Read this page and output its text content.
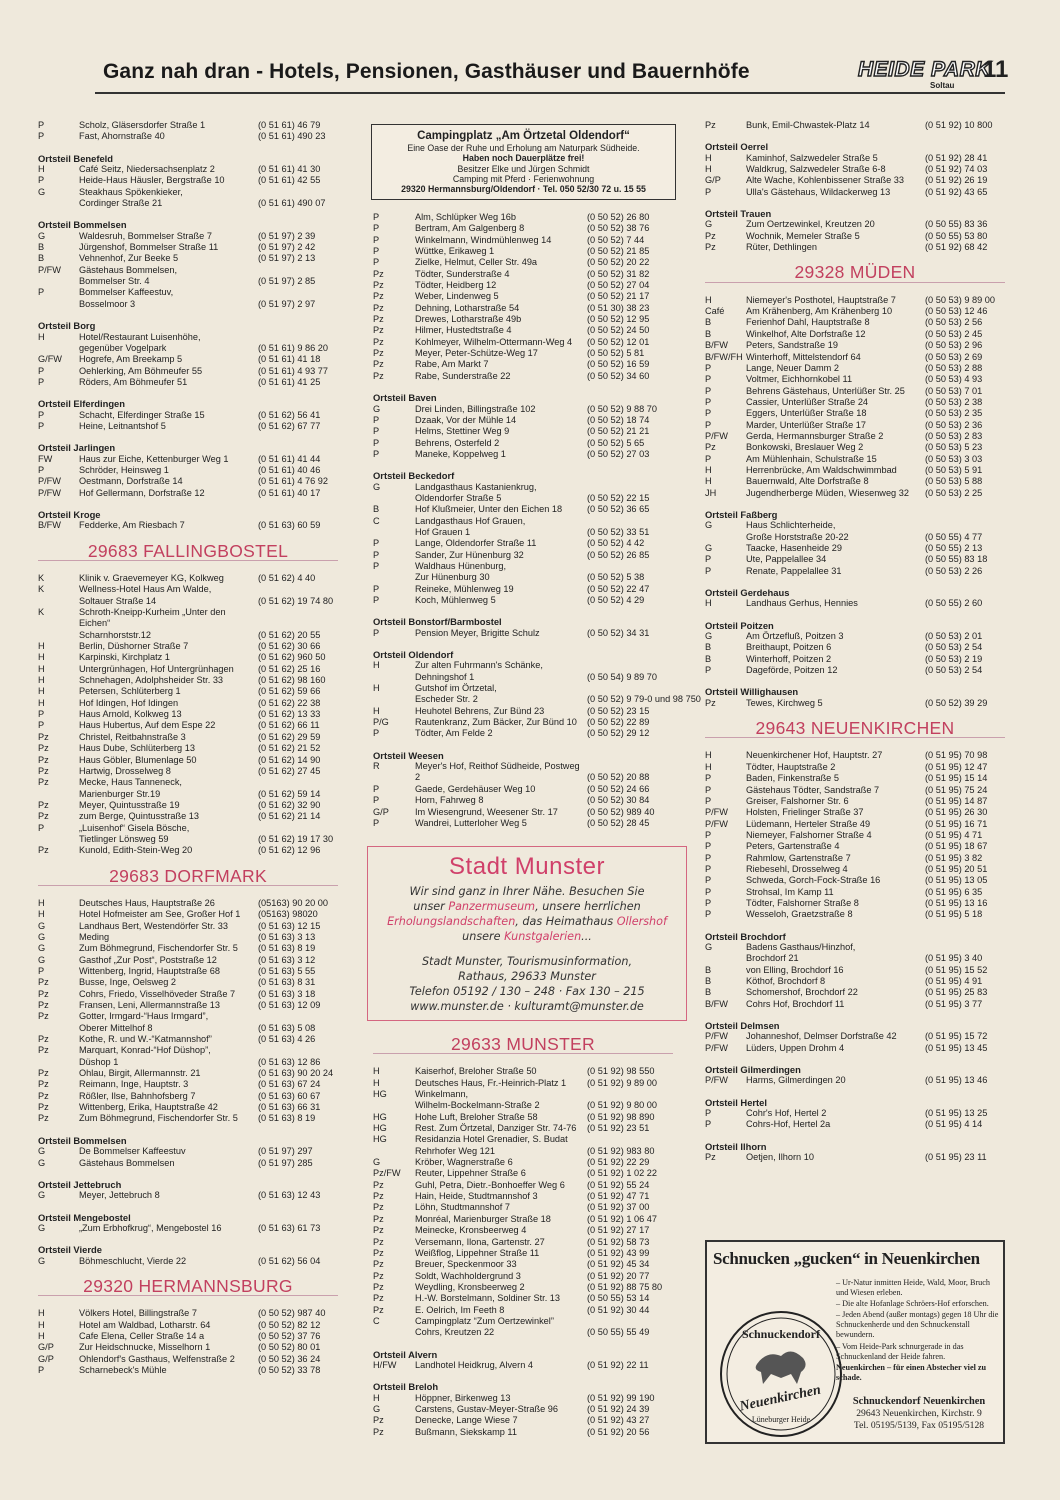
Ganz nah dran - Hotels, Pensionen, Gasthäuser und Bauernhöfe	HEIDE PARK
Soltau
11
P	Scholz, Gläsersdorfer Straße 1	(0 51 61) 46 79
P	Fast, Ahornstraße 40	(0 51 61) 490 23
Ortsteil Benefeld
H	Café Seitz, Niedersachsenplatz 2	(0 51 61) 41 30
P	Heide-Haus Häusler, Bergstraße 10	(0 51 61) 42 55
G	Steakhaus Spökenkieker,
Cordinger Straße 21	(0 51 61) 490 07
Ortsteil Bommelsen
G	Waldesruh, Bommelser Straße 7	(0 51 97) 2 39
B	Jürgenshof, Bommelser Straße 11	(0 51 97) 2 42
B	Vehnenhof, Zur Beeke 5	(0 51 97) 2 13
P/FW	Gästehaus Bommelsen,
Bommelser Str. 4	(0 51 97) 2 85
P	Bommelser Kaffeestuv,
Bosselmoor 3	(0 51 97) 2 97
Ortsteil Borg
H	Hotel/Restaurant Luisenhöhe,
gegenüber Vogelpark	(0 51 61) 9 86 20
G/FW	Hogrefe, Am Breekamp 5	(0 51 61) 41 18
P	Oehlerking, Am Böhmeufer 55	(0 51 61) 4 93 77
P	Röders, Am Böhmeufer 51	(0 51 61) 41 25
Ortsteil Elferdingen
P	Schacht, Elferdinger Straße 15	(0 51 62) 56 41
P	Heine, Leitnantshof 5	(0 51 62) 67 77
Ortsteil Jarlingen
FW	Haus zur Eiche, Kettenburger Weg 1	(0 51 61) 41 44
P	Schröder, Heinsweg 1	(0 51 61) 40 46
P/FW	Oestmann, Dorfstraße 14	(0 51 61) 4 76 92
P/FW	Hof Gellermann, Dorfstraße 12	(0 51 61) 40 17
Ortsteil Kroge
B/FW	Fedderke, Am Riesbach 7	(0 51 63) 60 59
29683 FALLINGBOSTEL
K	Klinik v. Graevemeyer KG, Kolkweg	(0 51 62) 4 40
K	Wellness-Hotel Haus Am Walde,
Soltauer Straße 14	(0 51 62) 19 74 80
K	Schroth-Kneipp-Kurheim „Unter den Eichen“
Scharnhorststr.12	(0 51 62) 20 55
H	Berlin, Düshorner Straße 7	(0 51 62) 30 66
H	Karpinski, Kirchplatz 1	(0 51 62) 960 50
H	Untergrünhagen, Hof Untergrünhagen	(0 51 62) 25 16
H	Schnehagen, Adolphsheider Str. 33	(0 51 62) 98 160
H	Petersen, Schlüterberg 1	(0 51 62) 59 66
H	Hof Idingen, Hof Idingen	(0 51 62) 22 38
P	Haus Arnold, Kolkweg 13	(0 51 62) 13 33
P	Haus Hubertus, Auf dem Espe 22	(0 51 62) 66 11
Pz	Christel, Reitbahnstraße 3	(0 51 62) 29 59
Pz	Haus Dube, Schlüterberg 13	(0 51 62) 21 52
Pz	Haus Göbler, Blumenlage 50	(0 51 62) 14 90
Pz	Hartwig, Drosselweg 8	(0 51 62) 27 45
Pz	Mecke, Haus Tanneneck,
Marienburger Str.19	(0 51 62) 59 14
Pz	Meyer, Quintusstraße 19	(0 51 62) 32 90
Pz	zum Berge, Quintusstraße 13	(0 51 62) 21 14
P	„Luisenhof“ Gisela Bösche,
Tietlinger Lönsweg 59	(0 51 62) 19 17 30
Pz	Kunold, Edith-Stein-Weg 20	(0 51 62) 12 96
29683 DORFMARK
H	Deutsches Haus, Hauptstraße 26	(05163) 90 20 00
H	Hotel Hofmeister am See, Großer Hof 1	(05163) 98020
G	Landhaus Bert, Westendörfer Str. 33	(0 51 63) 12 15
G	Meding	(0 51 63) 3 13
G	Zum Böhmegrund, Fischendorfer Str. 5	(0 51 63) 8 19
G	Gasthof „Zur Post“, Poststraße 12	(0 51 63) 3 12
P	Wittenberg, Ingrid, Hauptstraße 68	(0 51 63) 5 55
Pz	Busse, Inge, Oelsweg 2	(0 51 63) 8 31
Pz	Cohrs, Friedo, Visselhöveder Straße 7	(0 51 63) 3 18
Pz	Fransen, Leni, Allermannstraße 13	(0 51 63) 12 09
Pz	Gotter, Irmgard-“Haus Irmgard”,
Oberer Mittelhof 8	(0 51 63) 5 08
Pz	Kothe, R. und W.-“Katmannshof”	(0 51 63) 4 26
Pz	Marquart, Konrad-“Hof Düshop”,
Düshop 1	(0 51 63) 12 86
Pz	Ohlau, Birgit, Allermannstr. 21	(0 51 63) 90 20 24
Pz	Reimann, Inge, Hauptstr. 3	(0 51 63) 67 24
Pz	Rößler, Ilse, Bahnhofsberg 7	(0 51 63) 60 67
Pz	Wittenberg, Erika, Hauptstraße 42	(0 51 63) 66 31
Pz	Zum Böhmegrund, Fischendorfer Str. 5	(0 51 63) 8 19
Ortsteil Bommelsen
G	De Bommelser Kaffeestuv	(0 51 97) 297
G	Gästehaus Bommelsen	(0 51 97) 285
Ortsteil Jettebruch
G	Meyer, Jettebruch 8	(0 51 63) 12 43
Ortsteil Mengebostel
G	„Zum Erbhofkrug“, Mengebostel 16	(0 51 63) 61 73
Ortsteil Vierde
G	Böhmeschlucht, Vierde 22	(0 51 62) 56 04
29320 HERMANNSBURG
H	Völkers Hotel, Billingstraße 7	(0 50 52) 987 40
H	Hotel am Waldbad, Lotharstr. 64	(0 50 52) 82 12
H	Cafe Elena, Celler Straße 14 a	(0 50 52) 37 76
G/P	Zur Heidschnucke, Misselhorn 1	(0 50 52) 80 01
G/P	Ohlendorf's Gasthaus, Welfenstraße 2	(0 50 52) 36 24
P	Scharnebeck's Mühle	(0 50 52) 33 78
P	Alm, Schlüpker Weg 16b	(0 50 52) 26 80
P	Bertram, Am Galgenberg 8	(0 50 52) 38 76
P	Winkelmann, Windmühlenweg 14	(0 50 52) 7 44
P	Wüttke, Erikaweg 1	(0 50 52) 21 85
P	Zielke, Helmut, Celler Str. 49a	(0 50 52) 20 22
Pz	Tödter, Sunderstraße 4	(0 50 52) 31 82
Pz	Tödter, Heidberg 12	(0 50 52) 27 04
Pz	Weber, Lindenweg 5	(0 50 52) 21 17
Pz	Dehning, Lotharstraße 54	(0 51 30) 38 23
Pz	Drewes, Lotharstraße 49b	(0 50 52) 12 95
Pz	Hilmer, Hustedtstraße 4	(0 50 52) 24 50
Pz	Kohlmeyer, Wilhelm-Ottermann-Weg 4	(0 50 52) 12 01
Pz	Meyer, Peter-Schütze-Weg 17	(0 50 52) 5 81
Pz	Rabe, Am Markt 7	(0 50 52) 16 59
Pz	Rabe, Sunderstraße 22	(0 50 52) 34 60
Ortsteil Baven
G	Drei Linden, Billingstraße 102	(0 50 52) 9 88 70
P	Dzaak, Vor der Mühle 14	(0 50 52) 18 74
P	Helms, Stettiner Weg 9	(0 50 52) 21 21
P	Behrens, Osterfeld 2	(0 50 52) 5 65
P	Maneke, Koppelweg 1	(0 50 52) 27 03
Ortsteil Beckedorf
G	Landgasthaus Kastanienkrug,
Oldendorfer Straße 5	(0 50 52) 22 15
B	Hof Klußmeier, Unter den Eichen 18	(0 50 52) 36 65
C	Landgasthaus Hof Grauen,
Hof Grauen 1	(0 50 52) 33 51
P	Lange, Oldendorfer Straße 11	(0 50 52) 4 42
P	Sander, Zur Hünenburg 32	(0 50 52) 26 85
P	Waldhaus Hünenburg,
Zur Hünenburg 30	(0 50 52) 5 38
P	Reineke, Mühlenweg 19	(0 50 52) 22 47
P	Koch, Mühlenweg 5	(0 50 52) 4 29
Ortsteil Bonstorf/Barmbostel
P	Pension Meyer, Brigitte Schulz	(0 50 52) 34 31
Ortsteil Oldendorf
H	Zur alten Fuhrmann's Schänke,
Dehningshof 1	(0 50 54) 9 89 70
H	Gutshof im Örtzetal,
Escheder Str. 2	(0 50 52) 9 79-0 und 98 750
H	Heuhotel Behrens, Zur Bünd 23	(0 50 52) 23 15
P/G	Rautenkranz, Zum Bäcker, Zur Bünd 10	(0 50 52) 22 89
P	Tödter, Am Felde 2	(0 50 52) 29 12
Ortsteil Weesen
R	Meyer's Hof, Reithof Südheide, Postweg 2	(0 50 52) 20 88
P	Gaede, Gerdehäuser Weg 10	(0 50 52) 24 66
P	Horn, Fahrweg 8	(0 50 52) 30 84
G/P	Im Wiesengrund, Weesener Str. 17	(0 50 52) 989 40
P	Wandrei, Lutterloher Weg 5	(0 50 52) 28 45
29633 MUNSTER
H	Kaiserhof, Breloher Straße 50	(0 51 92) 98 550
H	Deutsches Haus, Fr.-Heinrich-Platz 1	(0 51 92) 9 89 00
HG	Winkelmann,
Wilhelm-Bockelmann-Straße 2	(0 51 92) 9 80 00
HG	Hohe Luft, Breloher Straße 58	(0 51 92) 98 890
HG	Rest. Zum Örtzetal, Danziger Str. 74-76	(0 51 92) 23 51
HG	Residanzia Hotel Grenadier, S. Budat
Rehrhofer Weg 121	(0 51 92) 983 80
G	Kröber, Wagnerstraße 6	(0 51 92) 22 29
Pz/FW	Reuter, Lippehner Straße 6	(0 51 92) 1 02 22
Pz	Guhl, Petra, Dietr.-Bonhoeffer Weg 6	(0 51 92) 55 24
Pz	Hain, Heide, Studtmannshof 3	(0 51 92) 47 71
Pz	Löhn, Studtmannshof 7	(0 51 92) 37 00
Pz	Monréal, Marienburger Straße 18	(0 51 92) 1 06 47
Pz	Meinecke, Kronsbeerweg 4	(0 51 92) 27 17
Pz	Versemann, Ilona, Gartenstr. 27	(0 51 92) 58 73
Pz	Weißflog, Lippehner Straße 11	(0 51 92) 43 99
Pz	Breuer, Speckenmoor 33	(0 51 92) 45 34
Pz	Soldt, Wachholdergrund 3	(0 51 92) 20 77
Pz	Weydling, Kronsbeerweg 2	(0 51 92) 88 75 80
Pz	H.-W. Borstelmann, Soldiner Str. 13	(0 50 55) 53 14
Pz	E. Oelrich, Im Feeth 8	(0 51 92) 30 44
C	Campingplatz “Zum Oertzewinkel”
Cohrs, Kreutzen 22	(0 50 55) 55 49
Ortsteil Alvern
H/FW	Landhotel Heidkrug, Alvern 4	(0 51 92) 22 11
Ortsteil Breloh
H	Höppner, Birkenweg 13	(0 51 92) 99 190
G	Carstens, Gustav-Meyer-Straße 96	(0 51 92) 24 39
Pz	Denecke, Lange Wiese 7	(0 51 92) 43 27
Pz	Bußmann, Siekskamp 11	(0 51 92) 20 56
Pz	Bunk, Emil-Chwastek-Platz 14	(0 51 92) 10 800
Ortsteil Oerrel
H	Kaminhof, Salzwedeler Straße 5	(0 51 92) 28 41
H	Waldkrug, Salzwedeler Straße 6-8	(0 51 92) 74 03
G/P	Alte Wache, Kohlenbissener Straße 33	(0 51 92) 26 19
P	Ulla's Gästehaus, Wildackerweg 13	(0 51 92) 43 65
Ortsteil Trauen
G	Zum Oertzewinkel, Kreutzen 20	(0 50 55) 83 36
Pz	Wochnik, Memeler Straße 5	(0 50 55) 53 80
Pz	Rüter, Dethlingen	(0 51 92) 68 42
29328 MÜDEN
H	Niemeyer's Posthotel, Hauptstraße 7	(0 50 53) 9 89 00
Café	Am Krähenberg, Am Krähenberg 10	(0 50 53) 12 46
B	Ferienhof Dahl, Hauptstraße 8	(0 50 53) 2 56
B	Winkelhof, Alte Dorfstraße 12	(0 50 53) 2 45
B/FW	Peters, Sandstraße 19	(0 50 53) 2 96
B/FW/FH Winterhoff, Mittelstendorf 64	(0 50 53) 2 69
P	Lange, Neuer Damm 2	(0 50 53) 2 88
P	Voltmer, Eichhornkobel 11	(0 50 53) 4 93
P	Behrens Gästehaus, Unterlüßer Str. 25	(0 50 53) 7 01
P	Cassier, Unterlüßer Straße 24	(0 50 53) 2 38
P	Eggers, Unterlüßer Straße 18	(0 50 53) 2 35
P	Marder, Unterlüßer Straße 17	(0 50 53) 2 36
P/FW	Gerda, Hermannsburger Straße 2	(0 50 53) 2 83
Pz	Bonkowski, Breslauer Weg 2	(0 50 53) 5 23
P	Am Mühlenhain, Schulstraße 15	(0 50 53) 3 03
H	Herrenbrücke, Am Waldschwimmbad	(0 50 53) 5 91
H	Bauernwald, Alte Dorfstraße 8	(0 50 53) 5 88
JH	Jugendherberge Müden, Wiesenweg 32	(0 50 53) 2 25
Ortsteil Faßberg
G	Haus Schlichterheide,
Große Horststraße 20-22	(0 50 55) 4 77
G	Taacke, Hasenheide 29	(0 50 55) 2 13
P	Ute, Pappelallee 34	(0 50 55) 83 18
P	Renate, Pappelallee 31	(0 50 53) 2 26
Ortsteil Gerdehaus
H	Landhaus Gerhus, Hennies	(0 50 55) 2 60
Ortsteil Poitzen
G	Am Örtzefluß, Poitzen 3	(0 50 53) 2 01
B	Breithaupt, Poitzen 6	(0 50 53) 2 54
B	Winterhoff, Poitzen 2	(0 50 53) 2 19
P	Dageförde, Poitzen 12	(0 50 53) 2 54
Ortsteil Willighausen
Pz	Tewes, Kirchweg 5	(0 50 52) 39 29
29643 NEUENKIRCHEN
H	Neuenkirchener Hof, Hauptstr. 27	(0 51 95) 70 98
H	Tödter, Hauptstraße 2	(0 51 95) 12 47
P	Baden, Finkenstraße 5	(0 51 95) 15 14
P	Gästehaus Tödter, Sandstraße 7	(0 51 95) 75 24
P	Greiser, Falshorner Str. 6	(0 51 95) 14 87
P/FW	Holsten, Frielinger Straße 37	(0 51 95) 26 30
P/FW	Lüdemann, Herteler Straße 49	(0 51 95) 16 71
P	Niemeyer, Falshorner Straße 4	(0 51 95) 4 71
P	Peters, Gartenstraße 4	(0 51 95) 18 67
P	Rahmlow, Gartenstraße 7	(0 51 95) 3 82
P	Riebesehl, Drosselweg 4	(0 51 95) 20 51
P	Schweda, Gorch-Fock-Straße 16	(0 51 95) 13 05
P	Strohsal, Im Kamp 11	(0 51 95) 6 35
P	Tödter, Falshorner Straße 8	(0 51 95) 13 16
P	Wesseloh, Graetzstraße 8	(0 51 95) 5 18
Ortsteil Brochdorf
G	Badens Gasthaus/Hinzhof,
Brochdorf 21	(0 51 95) 3 40
B	von Elling, Brochdorf 16	(0 51 95) 15 52
B	Köthof, Brochdorf 8	(0 51 95) 4 91
B	Schomershof, Brochdorf 22	(0 51 95) 25 83
B/FW	Cohrs Hof, Brochdorf 11	(0 51 95) 3 77
Ortsteil Delmsen
P/FW	Johanneshof, Delmser Dorfstraße 42	(0 51 95) 15 72
P/FW	Lüders, Uppen Drohm 4	(0 51 95) 13 45
Ortsteil Gilmerdingen
P/FW	Harms, Gilmerdingen 20	(0 51 95) 13 46
Ortsteil Hertel
P	Cohr's Hof, Hertel 2	(0 51 95) 13 25
P	Cohrs-Hof, Hertel 2a	(0 51 95) 4 14
Ortsteil Ilhorn
Pz	Oetjen, Ilhorn 10	(0 51 95) 23 11
Campingplatz „Am Örtzetal Oldendorf“
Eine Oase der Ruhe und Erholung am Naturpark Südheide.
Haben noch Dauerplätze frei!
Besitzer Elke und Jürgen Schmidt
Camping mit Pferd · Ferienwohnung
29320 Hermannsburg/Oldendorf · Tel. 050 52/30 72 u. 15 55
Stadt Munster
Wir sind ganz in Ihrer Nähe. Besuchen Sie
unser Panzermuseum, unsere herrlichen
Erholungslandschaften, das Heimathaus Ollershof
unsere Kunstgalerien...
Stadt Munster, Tourismusinformation,
Rathaus, 29633 Munster
Telefon 05192 / 130 – 248 · Fax 130 – 215
www.munster.de · kulturamt@munster.de
Schnucken „gucken“ in Neuenkirchen
– Ur-Natur inmitten Heide, Wald, Moor, Bruch und Wiesen erleben.
– Die alte Hofanlage Schröers-Hof erforschen.
– Jeden Abend (außer montags) gegen 18 Uhr die Schnuckenherde und den Schnuckenstall bewundern.
– Vom Heide-Park schnurgerade in das Schnuckenland der Heide fahren.
Neuenkirchen – für einen Abstecher viel zu schade.
Schnuckendorf
Neuenkirchen
Lüneburger Heide
Schnuckendorf Neuenkirchen
29643 Neuenkirchen, Kirchstr. 9
Tel. 05195/5139, Fax 05195/5128
